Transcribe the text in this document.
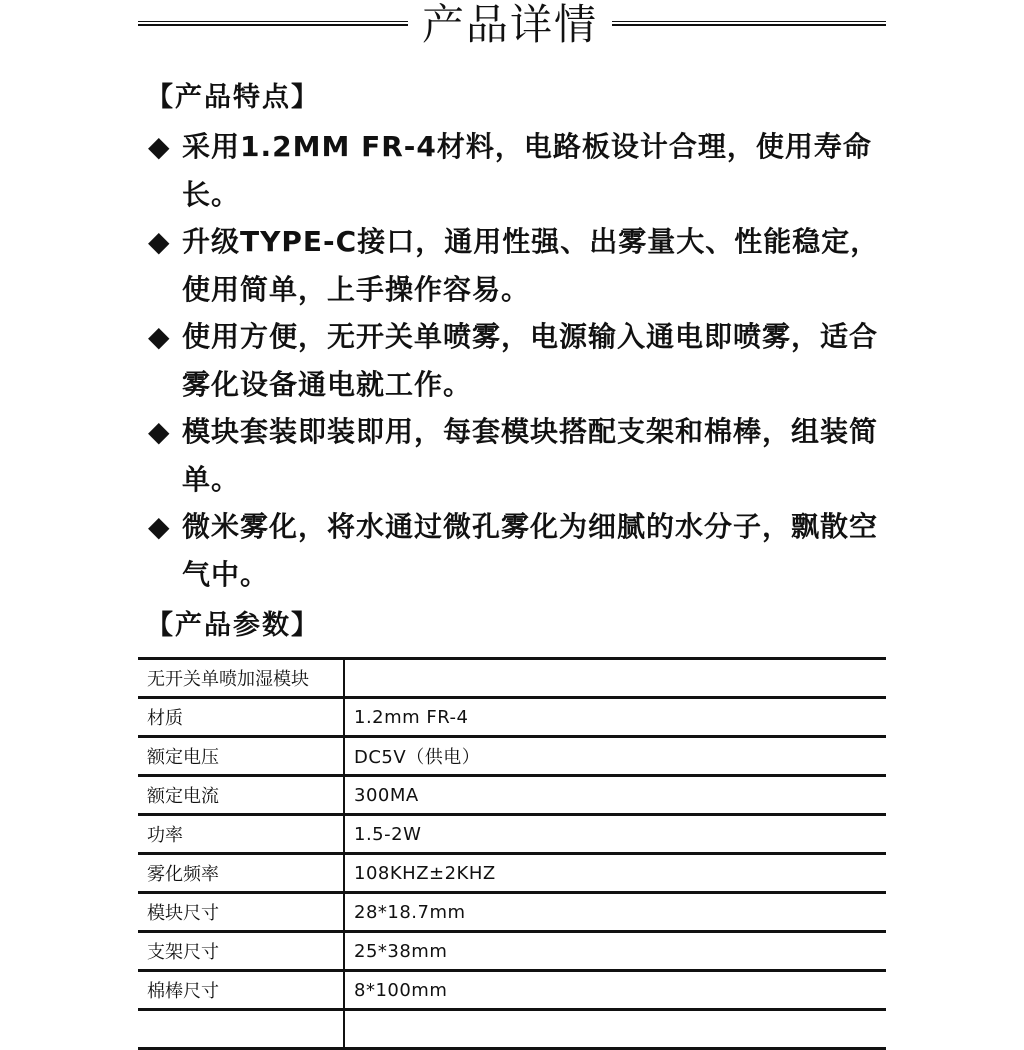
产品详情
【产品特点】
◆ 采用1.2MM FR-4材料，电路板设计合理，使用寿命长。
◆ 升级TYPE-C接口，通用性强、出雾量大、性能稳定，使用简单，上手操作容易。
◆ 使用方便，无开关单喷雾，电源输入通电即喷雾，适合雾化设备通电就工作。
◆ 模块套装即装即用，每套模块搭配支架和棉棒，组装简单。
◆ 微米雾化，将水通过微孔雾化为细腻的水分子，飘散空气中。
【产品参数】
无开关单喷加湿模块	
材质	1.2mm FR-4
额定电压	DC5V（供电）
额定电流	300MA
功率	1.5-2W
雾化频率	108KHZ±2KHZ
模块尺寸	28*18.7mm
支架尺寸	25*38mm
棉棒尺寸	8*100mm
